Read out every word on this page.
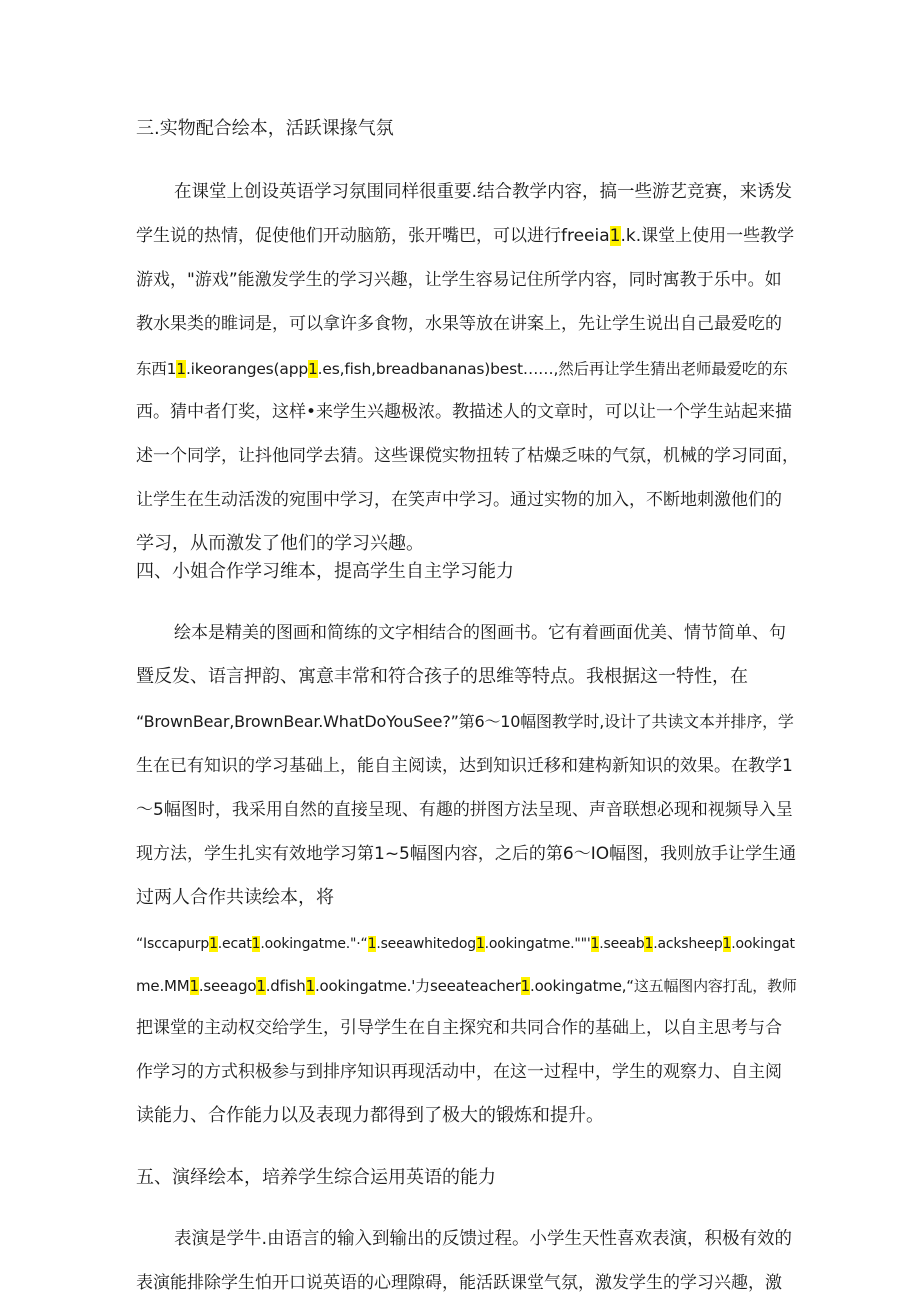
三.实物配合绘本，活跃课掾气氛
在课堂上创设英语学习氛围同样很重要.结合教学内容，搞一些游艺竞赛，来诱发
学生说的热情，促使他们开动脑筋，张开嘴巴，可以进行freeia1.k.课堂上使用一些教学
游戏，"游戏”能激发学生的学习兴趣，让学生容易记住所学内容，同时寓教于乐中。如
教水果类的睢词是，可以拿许多食物，水果等放在讲案上，先让学生说出自己最爱吃的
东西11.ikeoranges(app1.es,fish,breadbananas)best……,然后再让学生猜出老师最爱吃的东
西。猜中者仃奖，这样•来学生兴趣极浓。教描述人的文章时，可以让一个学生站起来描
述一个同学，让抖他同学去猜。这些课傥实物扭转了枯燥乏味的气氛，机械的学习同面，
让学生在生动活泼的宛围中学习，在笑声中学习。通过实物的加入，不断地刺激他们的
学习，从而激发了他们的学习兴趣。
四、小姐合作学习维本，提高学生自主学习能力
绘本是精美的图画和简练的文字相结合的图画书。它有着画面优美、情节简单、句
暨反发、语言押韵、寓意丰常和符合孩子的思维等特点。我根据这一特性，在
“BrownBear,BrownBear.WhatDoYouSee?”第6～10幅图教学时,设计了共读文本并排序，学
生在已有知识的学习基础上，能自主阅读，达到知识迁移和建构新知识的效果。在教学1
～5幅图时，我采用自然的直接呈现、有趣的拼图方法呈现、声音联想必现和视频导入呈
现方法，学生扎实有效地学习第1~5幅图内容，之后的第6～IO幅图，我则放手让学生通
过两人合作共读绘本，将
“Isccapurp1.ecat1.ookingatme."·“1.seeawhitedog1.ookingatme.""'1.seeab1.acksheep1.ookingat
me.MM1.seeago1.dfish1.ookingatme.'力seeateacher1.ookingatme,“这五幅图内容打乱，教师
把课堂的主动权交给学生，引导学生在自主探究和共同合作的基础上，以自主思考与合
作学习的方式积极参与到排序知识再现活动中，在这一过程中，学生的观察力、自主阅
读能力、合作能力以及表现力都得到了极大的锻炼和提升。
五、演绎绘本，培养学生综合运用英语的能力
表演是学牛.由语言的输入到输出的反馈过程。小学生天性喜欢表演，积极有效的
表演能排除学生怕开口说英语的心理隙碍，能活跃课堂气氛，激发学生的学习兴趣，激
